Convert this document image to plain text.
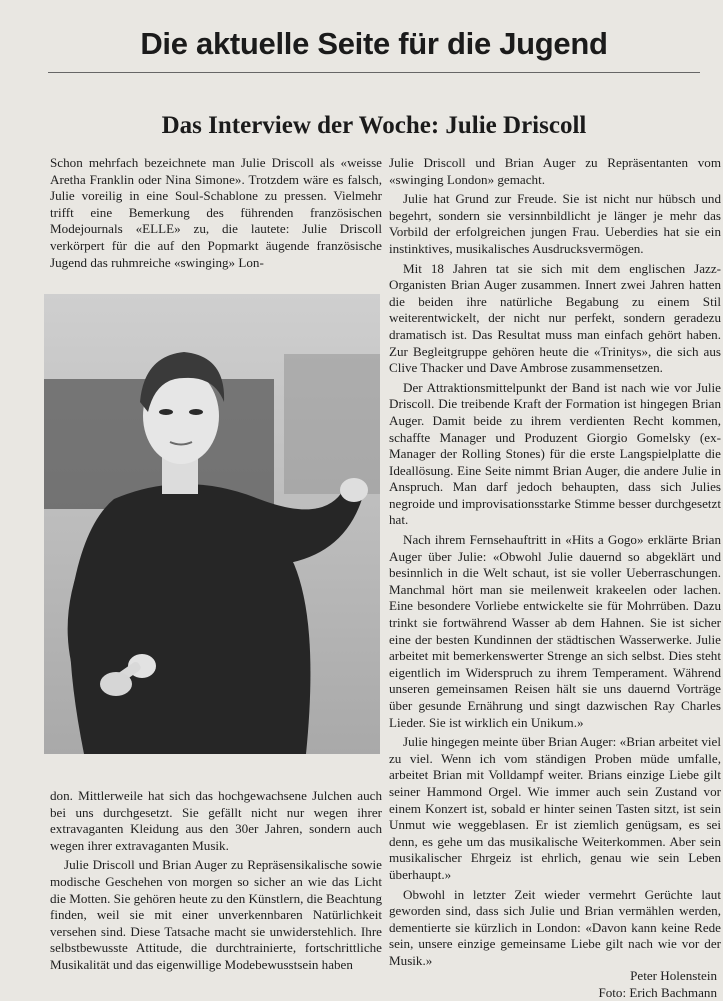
Die aktuelle Seite für die Jugend
Das Interview der Woche: Julie Driscoll

Schon mehrfach bezeichnete man Julie Driscoll als «weisse Aretha Franklin oder Nina Simone». Trotzdem wäre es falsch, Julie voreilig in eine Soul-Schablone zu pressen. Vielmehr trifft eine Bemerkung des führenden französischen Modejournals «ELLE» zu, die lautete: Julie Driscoll verkörpert für die auf den Popmarkt äugende französische Jugend das ruhmreiche «swinging» Lon-

don. Mittlerweile hat sich das hochgewachsene Julchen auch bei uns durchgesetzt. Sie gefällt nicht nur wegen ihrer extravaganten Kleidung aus den 30er Jahren, sondern auch wegen ihrer extravaganten Musik.

Julie Driscoll und Brian Auger zu Repräsensikalische sowie modische Geschehen von morgen so sicher an wie das Licht die Motten. Sie gehören heute zu den Künstlern, die Beachtung finden, weil sie mit einer unverkennbaren Natürlichkeit versehen sind. Diese Tatsache macht sie unwiderstehlich. Ihre selbstbewusste Attitude, die durchtrainierte, fortschrittliche Musikalität und das eigenwillige Modebewusstsein haben

Julie Driscoll und Brian Auger zu Repräsentanten vom «swinging London» gemacht.

Julie hat Grund zur Freude. Sie ist nicht nur hübsch und begehrt, sondern sie versinnbildlicht je länger je mehr das Vorbild der erfolgreichen jungen Frau. Ueberdies hat sie ein instinktives, musikalisches Ausdrucksvermögen.

Mit 18 Jahren tat sie sich mit dem englischen Jazz-Organisten Brian Auger zusammen. Innert zwei Jahren hatten die beiden ihre natürliche Begabung zu einem Stil weiterentwickelt, der nicht nur perfekt, sondern geradezu dramatisch ist. Das Resultat muss man einfach gehört haben. Zur Begleitgruppe gehören heute die «Trinitys», die sich aus Clive Thacker und Dave Ambrose zusammensetzen.

Der Attraktionsmittelpunkt der Band ist nach wie vor Julie Driscoll. Die treibende Kraft der Formation ist hingegen Brian Auger. Damit beide zu ihrem verdienten Recht kommen, schaffte Manager und Produzent Giorgio Gomelsky (ex-Manager der Rolling Stones) für die erste Langspielplatte die Ideallösung. Eine Seite nimmt Brian Auger, die andere Julie in Anspruch. Man darf jedoch behaupten, dass sich Julies negroide und improvisationsstarke Stimme besser durchgesetzt hat.

Nach ihrem Fernsehauftritt in «Hits a Gogo» erklärte Brian Auger über Julie: «Obwohl Julie dauernd so abgeklärt und besinnlich in die Welt schaut, ist sie voller Ueberraschungen. Manchmal hört man sie meilenweit krakeelen oder lachen. Eine besondere Vorliebe entwickelte sie für Mohrrüben. Dazu trinkt sie fortwährend Wasser ab dem Hahnen. Sie ist sicher eine der besten Kundinnen der städtischen Wasserwerke. Julie arbeitet mit bemerkenswerter Strenge an sich selbst. Dies steht eigentlich im Widerspruch zu ihrem Temperament. Während unseren gemeinsamen Reisen hält sie uns dauernd Vorträge über gesunde Ernährung und singt dazwischen Ray Charles Lieder. Sie ist wirklich ein Unikum.»

Julie hingegen meinte über Brian Auger: «Brian arbeitet viel zu viel. Wenn ich vom ständigen Proben müde umfalle, arbeitet Brian mit Volldampf weiter. Brians einzige Liebe gilt seiner Hammond Orgel. Wie immer auch sein Zustand vor einem Konzert ist, sobald er hinter seinen Tasten sitzt, ist sein Unmut wie weggeblasen. Er ist ziemlich genügsam, es sei denn, es gehe um das musikalische Weiterkommen. Aber sein musikalischer Ehrgeiz ist ehrlich, genau wie sein Leben überhaupt.»

Obwohl in letzter Zeit wieder vermehrt Gerüchte laut geworden sind, dass sich Julie und Brian vermählen werden, dementierte sie kürzlich in London: «Davon kann keine Rede sein, unsere einzige gemeinsame Liebe gilt nach wie vor der Musik.»

Peter Holenstein
Foto: Erich Bachmann
